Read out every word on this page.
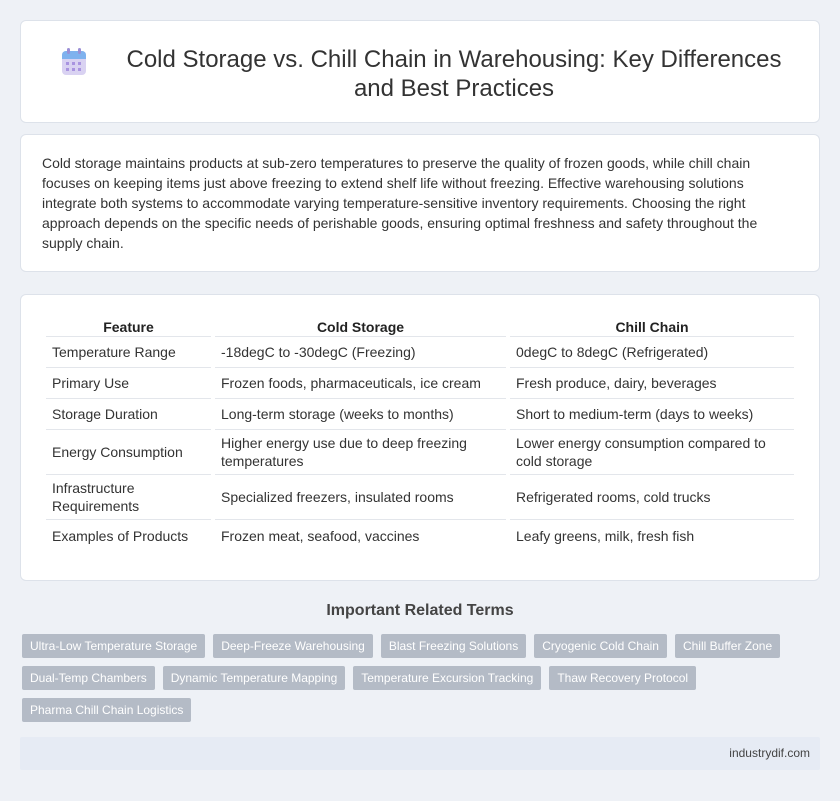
Cold Storage vs. Chill Chain in Warehousing: Key Differences and Best Practices

Cold storage maintains products at sub-zero temperatures to preserve the quality of frozen goods, while chill chain focuses on keeping items just above freezing to extend shelf life without freezing. Effective warehousing solutions integrate both systems to accommodate varying temperature-sensitive inventory requirements. Choosing the right approach depends on the specific needs of perishable goods, ensuring optimal freshness and safety throughout the supply chain.

Feature	Cold Storage	Chill Chain
Temperature Range	-18degC to -30degC (Freezing)	0degC to 8degC (Refrigerated)
Primary Use	Frozen foods, pharmaceuticals, ice cream	Fresh produce, dairy, beverages
Storage Duration	Long-term storage (weeks to months)	Short to medium-term (days to weeks)
Energy Consumption	Higher energy use due to deep freezing temperatures	Lower energy consumption compared to cold storage
Infrastructure Requirements	Specialized freezers, insulated rooms	Refrigerated rooms, cold trucks
Examples of Products	Frozen meat, seafood, vaccines	Leafy greens, milk, fresh fish
Important Related Terms
Ultra-Low Temperature Storage	Deep-Freeze Warehousing	Blast Freezing Solutions	Cryogenic Cold Chain	Chill Buffer Zone
Dual-Temp Chambers	Dynamic Temperature Mapping	Temperature Excursion Tracking	Thaw Recovery Protocol
Pharma Chill Chain Logistics
industrydif.com
